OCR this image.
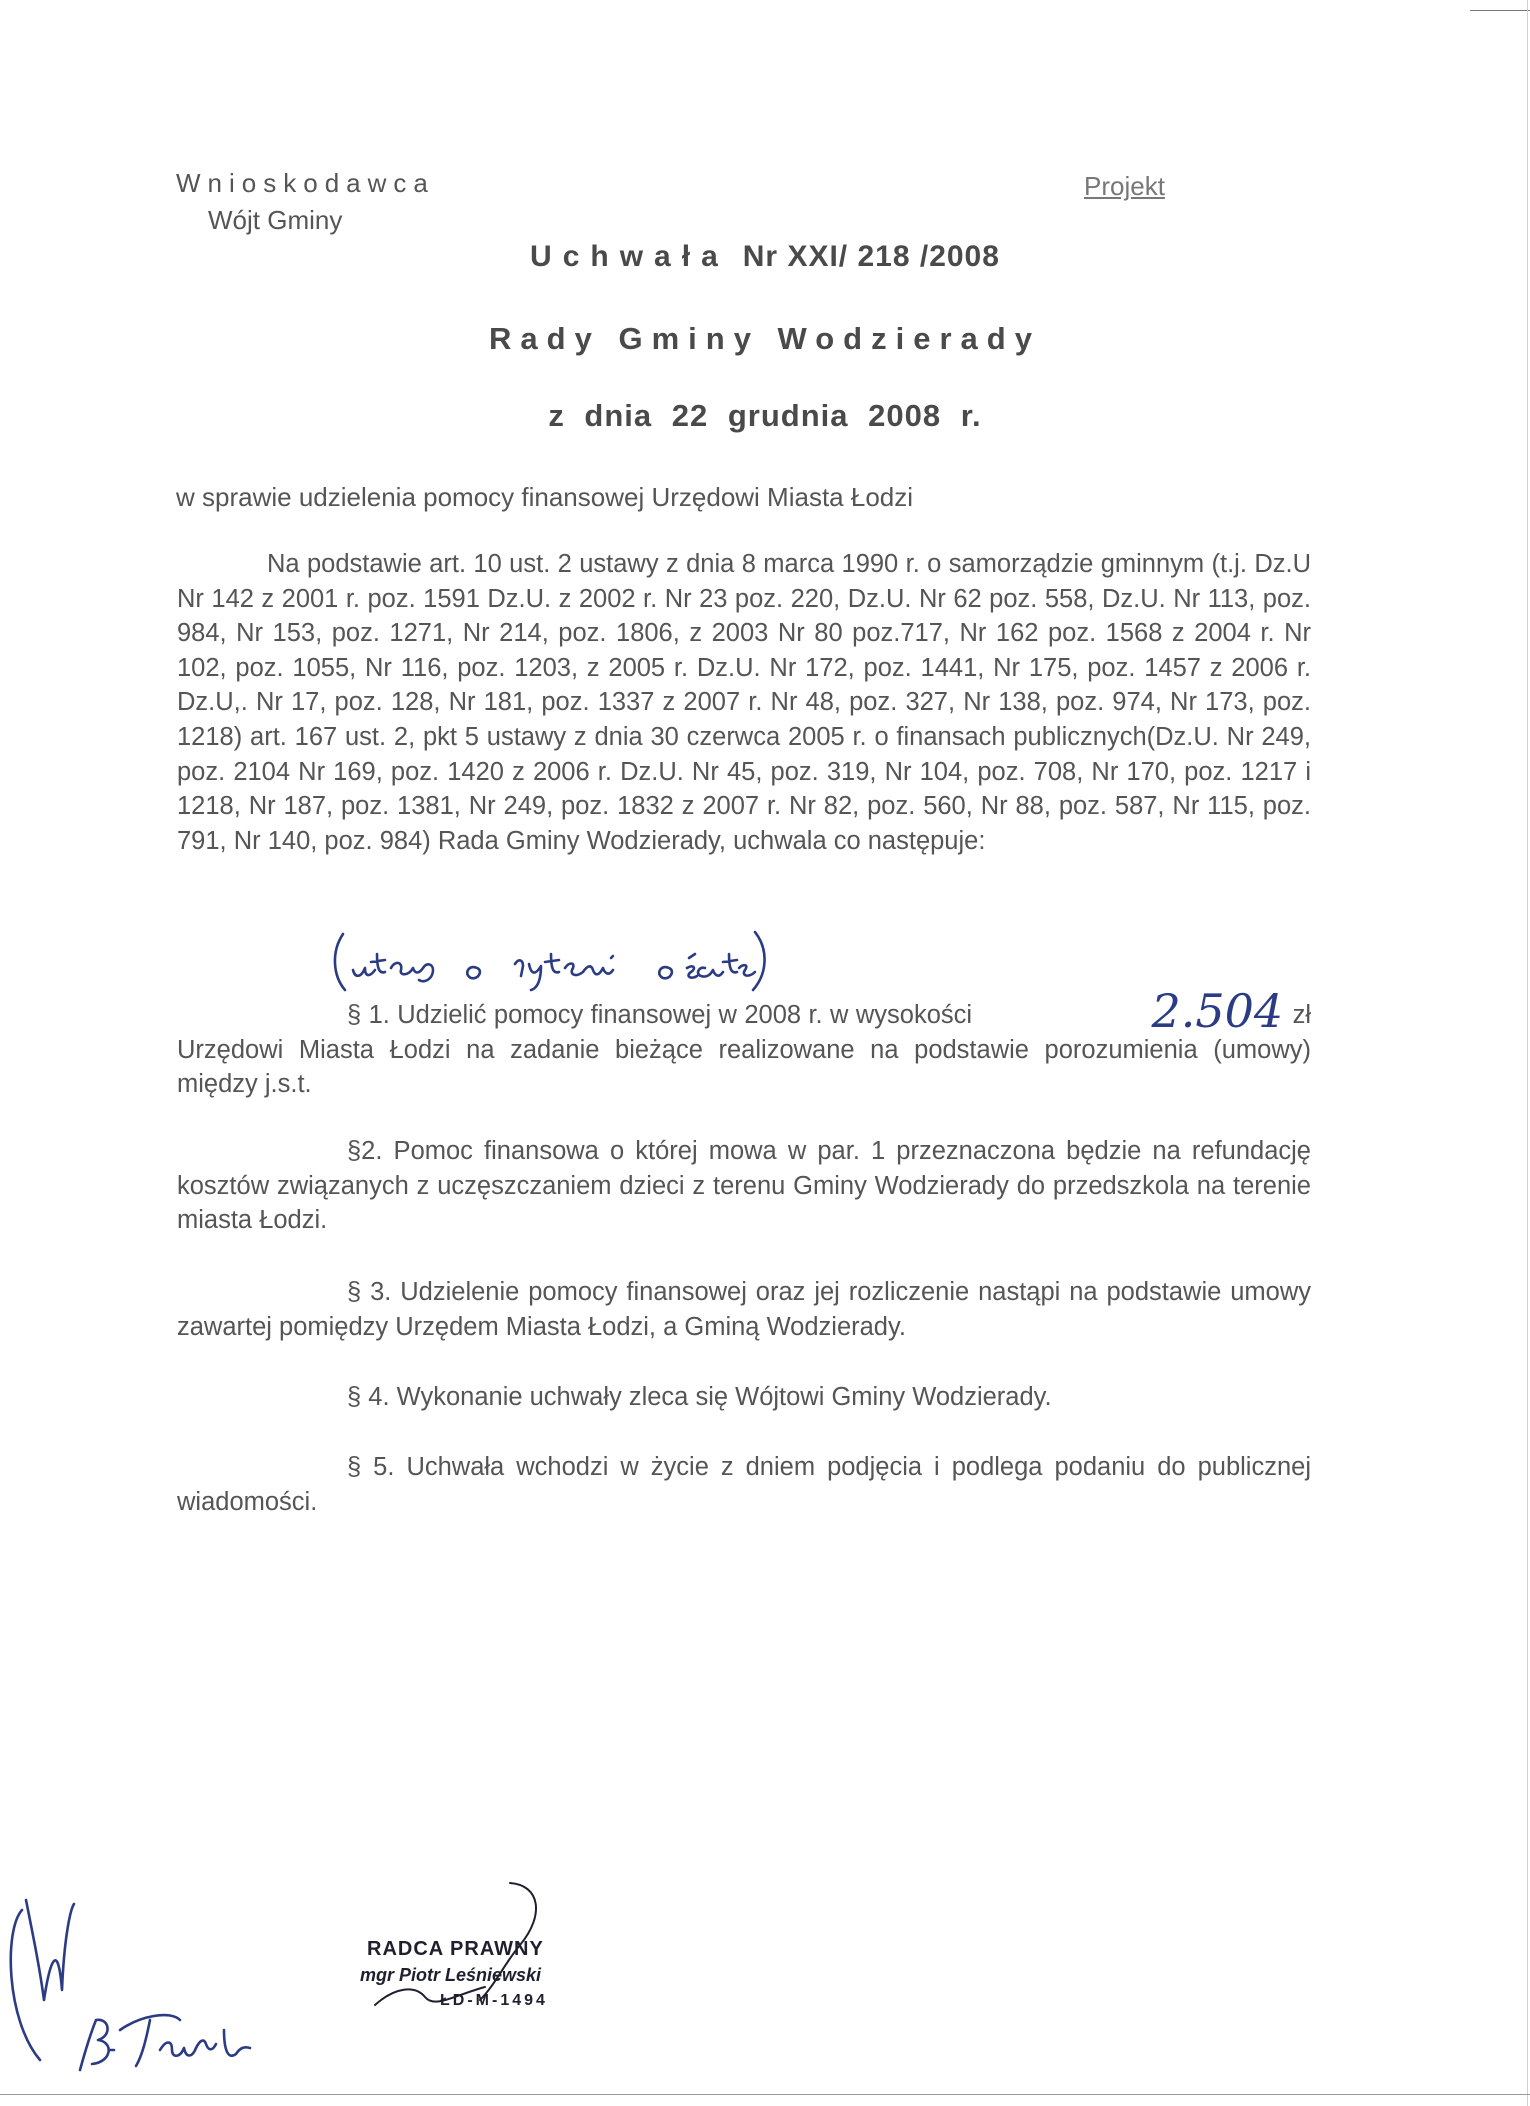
Wnioskodawca
Wójt Gminy
Projekt
Uchwała Nr XXI/ 218 /2008
Rady Gminy Wodzierady
z dnia 22 grudnia 2008 r.
w sprawie udzielenia pomocy finansowej Urzędowi Miasta Łodzi

Na podstawie art. 10 ust. 2 ustawy z dnia 8 marca 1990 r. o samorządzie gminnym (t.j. Dz.U Nr 142 z 2001 r. poz. 1591 Dz.U. z 2002 r. Nr 23 poz. 220, Dz.U. Nr 62 poz. 558, Dz.U. Nr 113, poz. 984, Nr 153, poz. 1271, Nr 214, poz. 1806, z 2003 Nr 80 poz.717, Nr 162 poz. 1568 z 2004 r. Nr 102, poz. 1055, Nr 116, poz. 1203, z 2005 r. Dz.U. Nr 172, poz. 1441, Nr 175, poz. 1457 z 2006 r. Dz.U,. Nr 17, poz. 128, Nr 181, poz. 1337 z 2007 r. Nr 48, poz. 327, Nr 138, poz. 974, Nr 173, poz. 1218) art. 167 ust. 2, pkt 5 ustawy z dnia 30 czerwca 2005 r. o finansach publicznych(Dz.U. Nr 249, poz. 2104 Nr 169, poz. 1420 z 2006 r. Dz.U. Nr 45, poz. 319, Nr 104, poz. 708, Nr 170, poz. 1217 i 1218, Nr 187, poz. 1381, Nr 249, poz. 1832 z 2007 r. Nr 82, poz. 560, Nr 88, poz. 587, Nr 115, poz. 791, Nr 140, poz. 984) Rada Gminy Wodzierady, uchwala co następuje:

§ 1. Udzielić pomocy finansowej w 2008 r. w wysokości	2.504 zł Urzędowi Miasta Łodzi na zadanie bieżące realizowane na podstawie porozumienia (umowy) między j.s.t.

§2. Pomoc finansowa o której mowa w par. 1 przeznaczona będzie na refundację kosztów związanych z uczęszczaniem dzieci z terenu Gminy Wodzierady do przedszkola na terenie miasta Łodzi.

§ 3. Udzielenie pomocy finansowej oraz jej rozliczenie nastąpi na podstawie umowy zawartej pomiędzy Urzędem Miasta Łodzi, a Gminą Wodzierady.

§ 4. Wykonanie uchwały zleca się Wójtowi Gminy Wodzierady.

§ 5. Uchwała wchodzi w życie z dniem podjęcia i podlega podaniu do publicznej wiadomości.

RADCA PRAWNY
mgr Piotr Leśniewski
ŁD-M-1494
